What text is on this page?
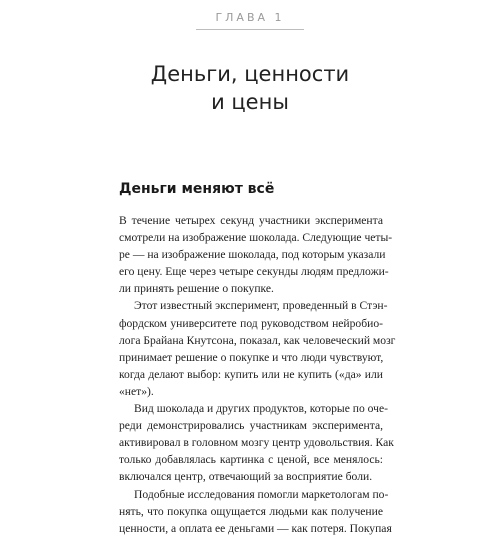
ГЛАВА 1
Деньги, ценности
и цены
Деньги меняют всё
В течение четырех секунд участники эксперимента
смотрели на изображение шоколада. Следующие четы-
ре — на изображение шоколада, под которым указали
его цену. Еще через четыре секунды людям предложи-
ли принять решение о покупке.
Этот известный эксперимент, проведенный в Стэн-
фордском университете под руководством нейробио-
лога Брайана Кнутсона, показал, как человеческий мозг
принимает решение о покупке и что люди чувствуют,
когда делают выбор: купить или не купить («да» или
«нет»).
Вид шоколада и других продуктов, которые по оче-
реди демонстрировались участникам эксперимента,
активировал в головном мозгу центр удовольствия. Как
только добавлялась картинка с ценой, все менялось:
включался центр, отвечающий за восприятие боли.
Подобные исследования помогли маркетологам по-
нять, что покупка ощущается людьми как получение
ценности, а оплата ее деньгами — как потеря. Покупая
